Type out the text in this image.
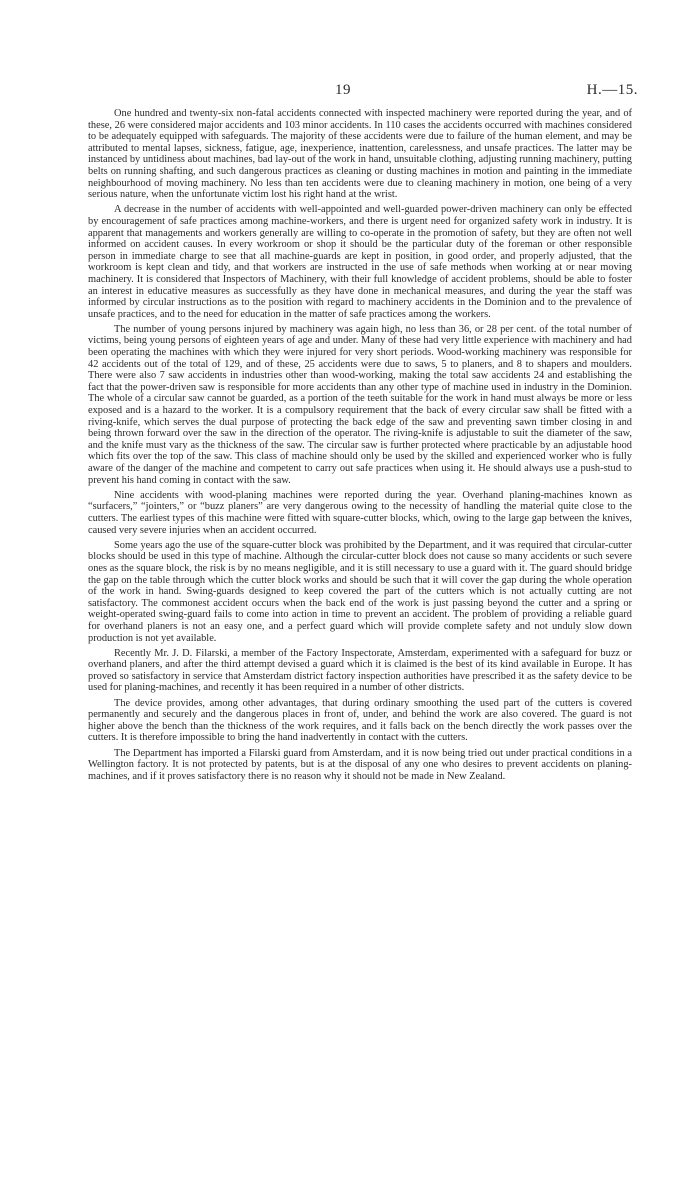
19	H.—15.

One hundred and twenty-six non-fatal accidents connected with inspected machinery were reported during the year, and of these, 26 were considered major accidents and 103 minor accidents. In 110 cases the accidents occurred with machines considered to be adequately equipped with safeguards. The majority of these accidents were due to failure of the human element, and may be attributed to mental lapses, sickness, fatigue, age, inexperience, inattention, carelessness, and unsafe practices. The latter may be instanced by untidiness about machines, bad lay-out of the work in hand, unsuitable clothing, adjusting running machinery, putting belts on running shafting, and such dangerous practices as cleaning or dusting machines in motion and painting in the immediate neighbourhood of moving machinery. No less than ten accidents were due to cleaning machinery in motion, one being of a very serious nature, when the unfortunate victim lost his right hand at the wrist.

A decrease in the number of accidents with well-appointed and well-guarded power-driven machinery can only be effected by encouragement of safe practices among machine-workers, and there is urgent need for organized safety work in industry. It is apparent that managements and workers generally are willing to co-operate in the promotion of safety, but they are often not well informed on accident causes. In every workroom or shop it should be the particular duty of the foreman or other responsible person in immediate charge to see that all machine-guards are kept in position, in good order, and properly adjusted, that the workroom is kept clean and tidy, and that workers are instructed in the use of safe methods when working at or near moving machinery. It is considered that Inspectors of Machinery, with their full knowledge of accident problems, should be able to foster an interest in educative measures as successfully as they have done in mechanical measures, and during the year the staff was informed by circular instructions as to the position with regard to machinery accidents in the Dominion and to the prevalence of unsafe practices, and to the need for education in the matter of safe practices among the workers.

The number of young persons injured by machinery was again high, no less than 36, or 28 per cent. of the total number of victims, being young persons of eighteen years of age and under. Many of these had very little experience with machinery and had been operating the machines with which they were injured for very short periods. Wood-working machinery was responsible for 42 accidents out of the total of 129, and of these, 25 accidents were due to saws, 5 to planers, and 8 to shapers and moulders. There were also 7 saw accidents in industries other than wood-working, making the total saw accidents 24 and establishing the fact that the power-driven saw is responsible for more accidents than any other type of machine used in industry in the Dominion. The whole of a circular saw cannot be guarded, as a portion of the teeth suitable for the work in hand must always be more or less exposed and is a hazard to the worker. It is a compulsory requirement that the back of every circular saw shall be fitted with a riving-knife, which serves the dual purpose of protecting the back edge of the saw and preventing sawn timber closing in and being thrown forward over the saw in the direction of the operator. The riving-knife is adjustable to suit the diameter of the saw, and the knife must vary as the thickness of the saw. The circular saw is further protected where practicable by an adjustable hood which fits over the top of the saw. This class of machine should only be used by the skilled and experienced worker who is fully aware of the danger of the machine and competent to carry out safe practices when using it. He should always use a push-stud to prevent his hand coming in contact with the saw.

Nine accidents with wood-planing machines were reported during the year. Overhand planing-machines known as “surfacers,” “jointers,” or “buzz planers” are very dangerous owing to the necessity of handling the material quite close to the cutters. The earliest types of this machine were fitted with square-cutter blocks, which, owing to the large gap between the knives, caused very severe injuries when an accident occurred.

Some years ago the use of the square-cutter block was prohibited by the Department, and it was required that circular-cutter blocks should be used in this type of machine. Although the circular-cutter block does not cause so many accidents or such severe ones as the square block, the risk is by no means negligible, and it is still necessary to use a guard with it. The guard should bridge the gap on the table through which the cutter block works and should be such that it will cover the gap during the whole operation of the work in hand. Swing-guards designed to keep covered the part of the cutters which is not actually cutting are not satisfactory. The commonest accident occurs when the back end of the work is just passing beyond the cutter and a spring or weight-operated swing-guard fails to come into action in time to prevent an accident. The problem of providing a reliable guard for overhand planers is not an easy one, and a perfect guard which will provide complete safety and not unduly slow down production is not yet available.

Recently Mr. J. D. Filarski, a member of the Factory Inspectorate, Amsterdam, experimented with a safeguard for buzz or overhand planers, and after the third attempt devised a guard which it is claimed is the best of its kind available in Europe. It has proved so satisfactory in service that Amsterdam district factory inspection authorities have prescribed it as the safety device to be used for planing-machines, and recently it has been required in a number of other districts.

The device provides, among other advantages, that during ordinary smoothing the used part of the cutters is covered permanently and securely and the dangerous places in front of, under, and behind the work are also covered. The guard is not higher above the bench than the thickness of the work requires, and it falls back on the bench directly the work passes over the cutters. It is therefore impossible to bring the hand inadvertently in contact with the cutters.

The Department has imported a Filarski guard from Amsterdam, and it is now being tried out under practical conditions in a Wellington factory. It is not protected by patents, but is at the disposal of any one who desires to prevent accidents on planing-machines, and if it proves satisfactory there is no reason why it should not be made in New Zealand.
